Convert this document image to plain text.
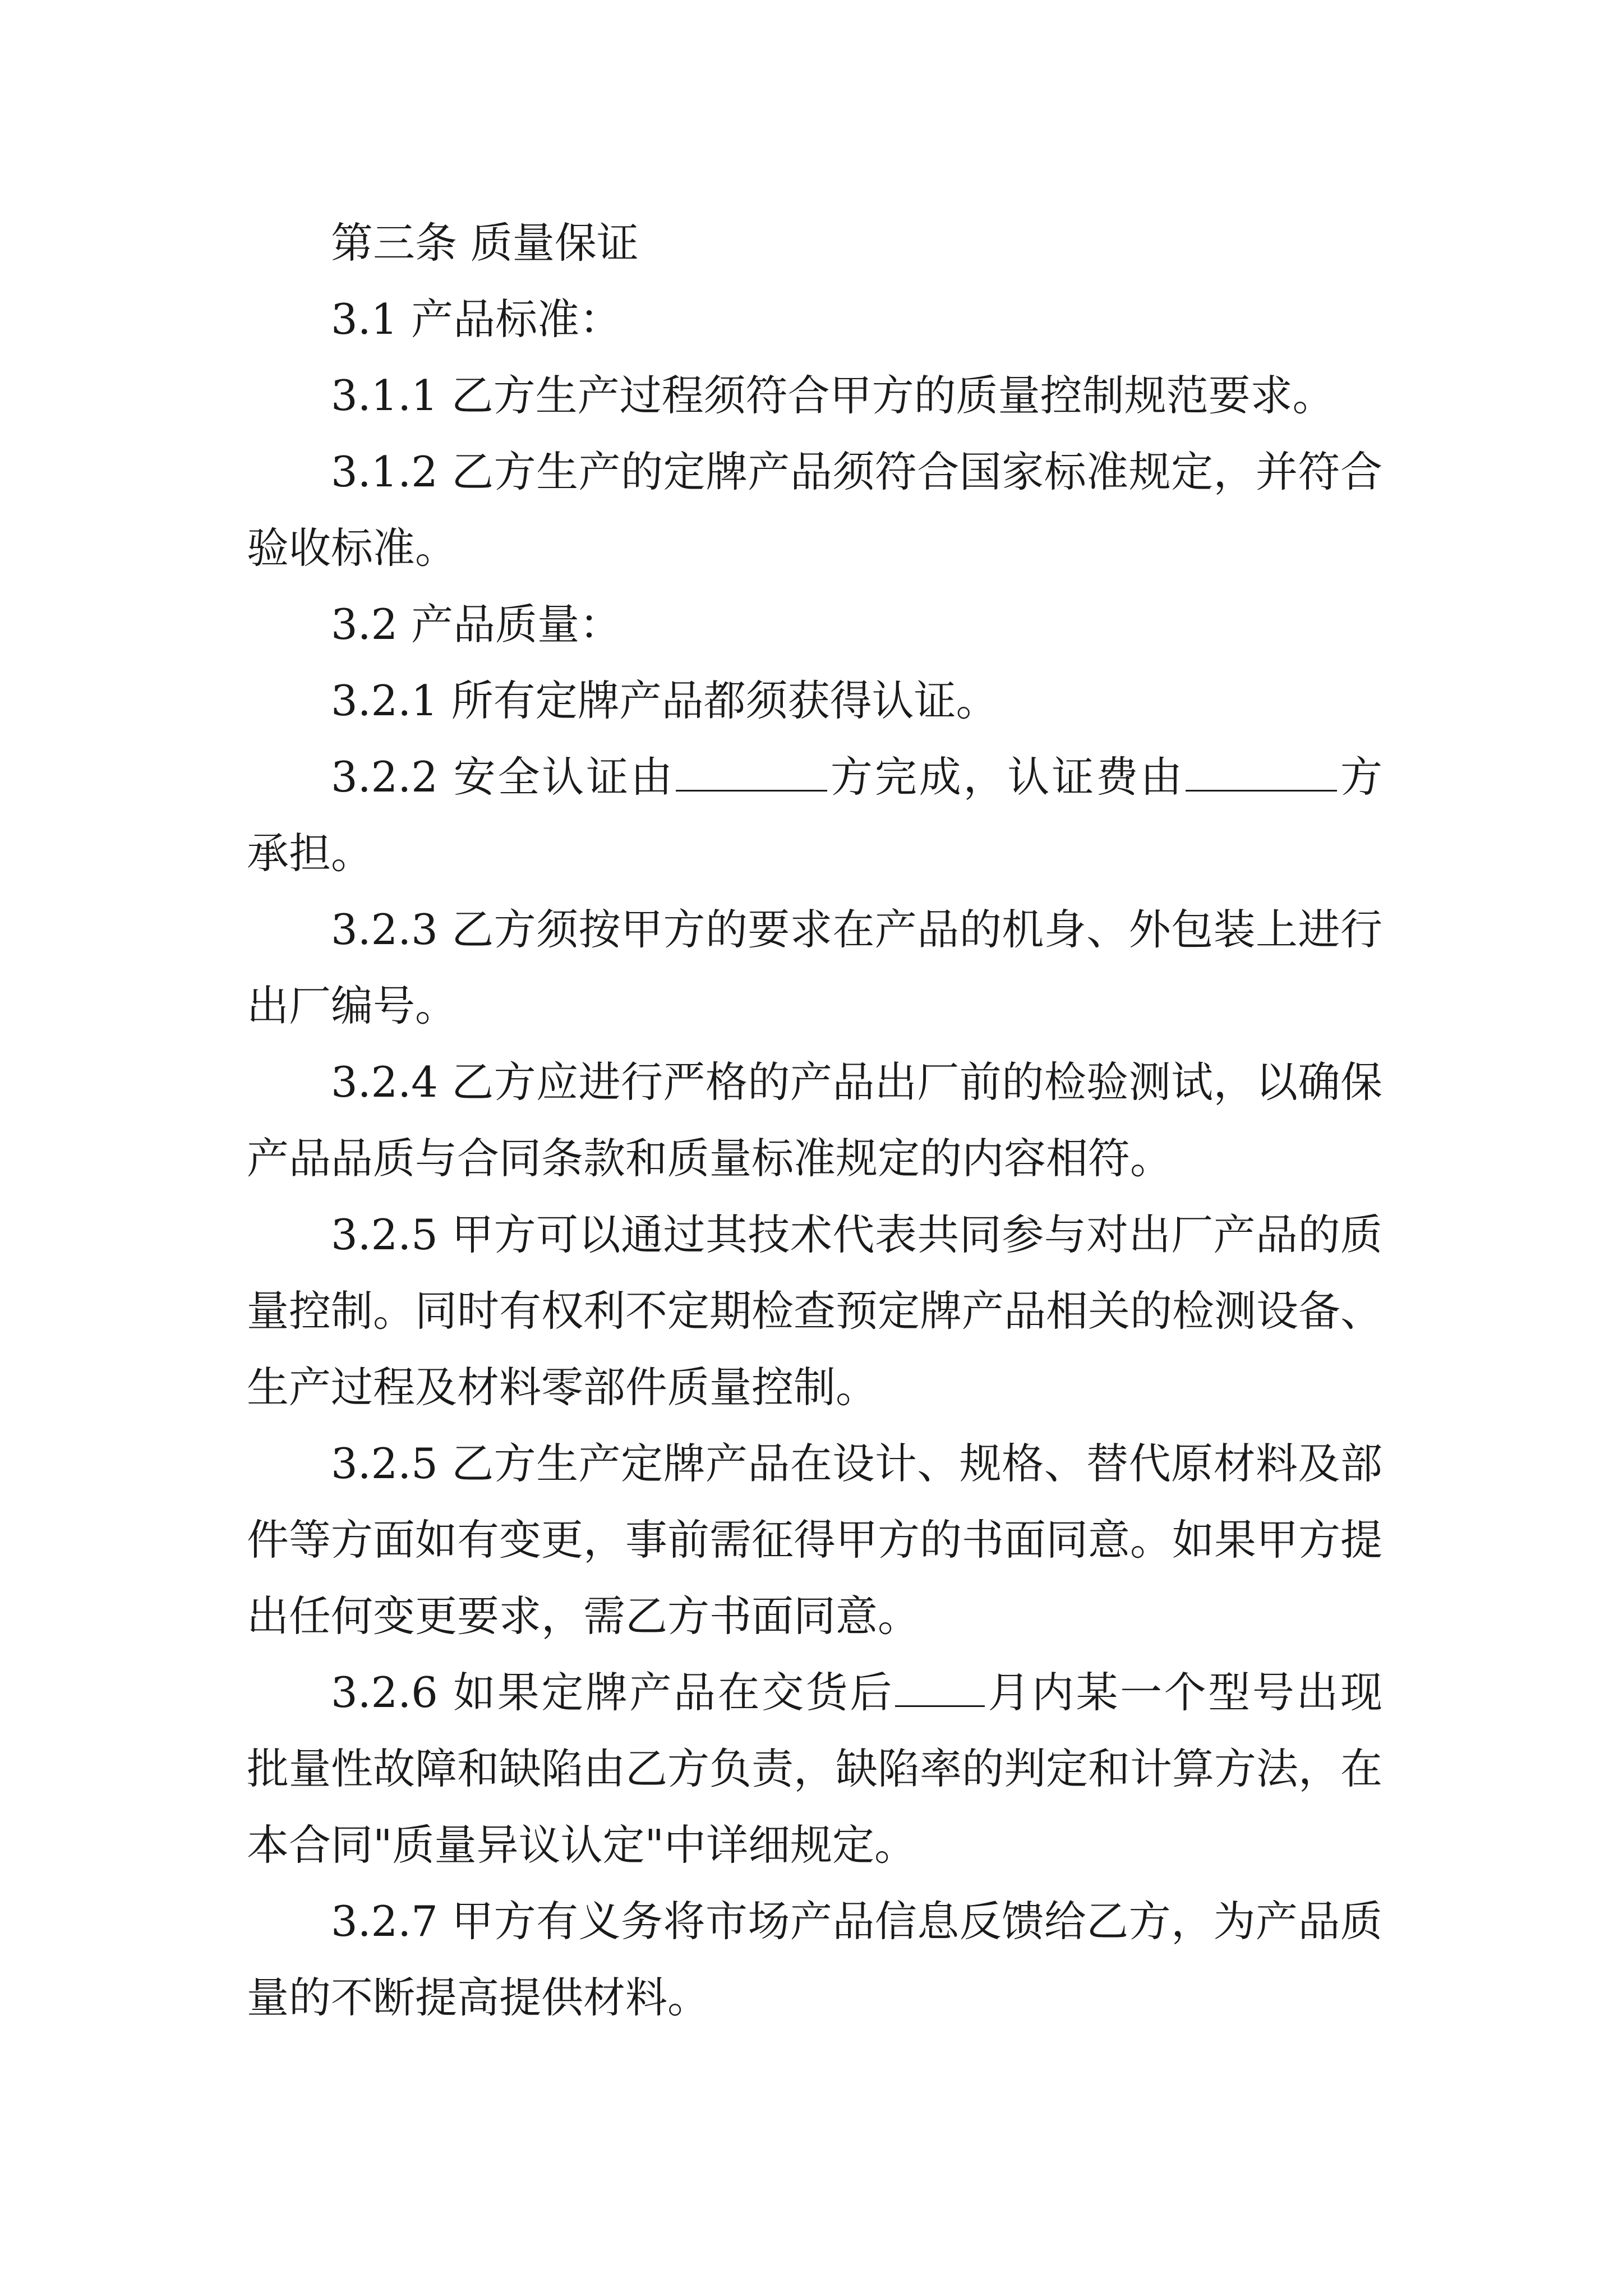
第三条 质量保证

3.1 产品标准：

3.1.1 乙方生产过程须符合甲方的质量控制规范要求。

3.1.2 乙方生产的定牌产品须符合国家标准规定，并符合验收标准。

3.2 产品质量：

3.2.1 所有定牌产品都须获得认证。

3.2.2 安全认证由	方完成，认证费由	方承担。

3.2.3 乙方须按甲方的要求在产品的机身、外包装上进行出厂编号。

3.2.4 乙方应进行严格的产品出厂前的检验测试，以确保产品品质与合同条款和质量标准规定的内容相符。

3.2.5 甲方可以通过其技术代表共同参与对出厂产品的质量控制。同时有权利不定期检查预定牌产品相关的检测设备、生产过程及材料零部件质量控制。

3.2.5 乙方生产定牌产品在设计、规格、替代原材料及部件等方面如有变更，事前需征得甲方的书面同意。如果甲方提出任何变更要求，需乙方书面同意。

3.2.6 如果定牌产品在交货后 月内某一个型号出现批量性故障和缺陷由乙方负责，缺陷率的判定和计算方法，在本合同"质量异议认定"中详细规定。

3.2.7 甲方有义务将市场产品信息反馈给乙方，为产品质量的不断提高提供材料。
